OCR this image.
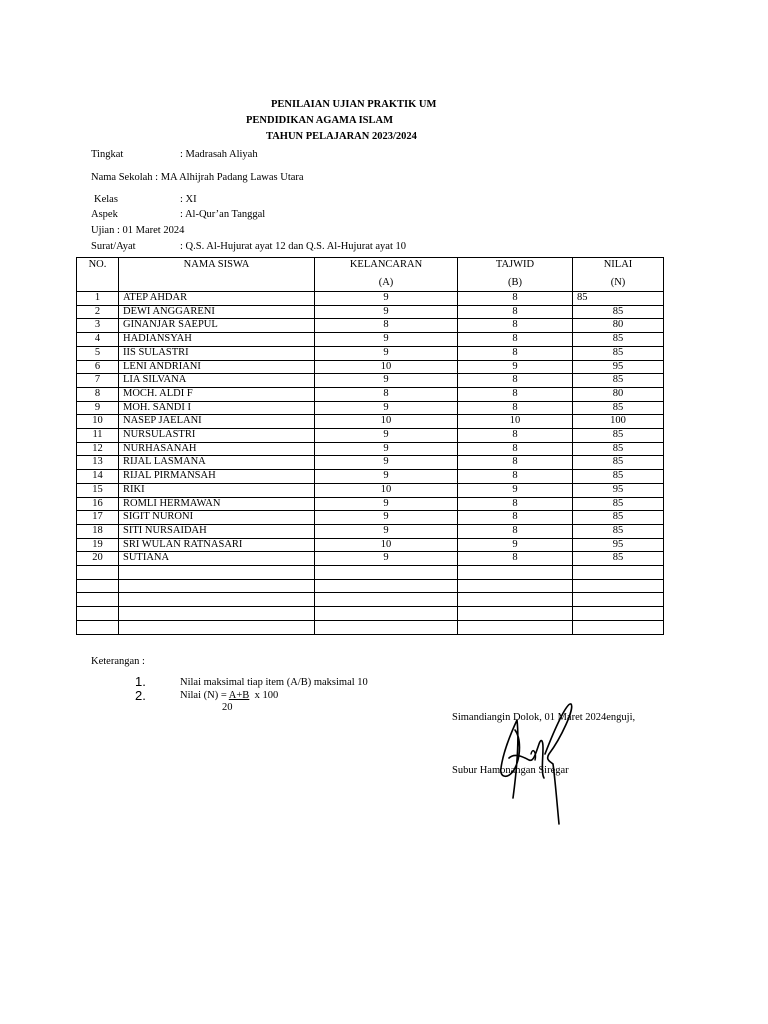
PENILAIAN UJIAN PRAKTIK UM
PENDIDIKAN AGAMA ISLAM
TAHUN PELAJARAN 2023/2024
Tingkat	: Madrasah Aliyah
Nama Sekolah : MA Alhijrah Padang Lawas Utara
Kelas	: XI
Aspek	: Al-Qur’an Tanggal
Ujian : 01 Maret 2024
Surat/Ayat	: Q.S. Al-Hujurat ayat 12 dan Q.S. Al-Hujurat ayat 10
NO.	NAMA SISWA	KELANCARAN	TAJWID	NILAI
		(A)	(B)	(N)
1	ATEP AHDAR	9	8	85
2	DEWI ANGGARENI	9	8	85
3	GINANJAR SAEPUL	8	8	80
4	HADIANSYAH	9	8	85
5	IIS SULASTRI	9	8	85
6	LENI ANDRIANI	10	9	95
7	LIA SILVANA	9	8	85
8	MOCH. ALDI F	8	8	80
9	MOH. SANDI I	9	8	85
10	NASEP JAELANI	10	10	100
11	NURSULASTRI	9	8	85
12	NURHASANAH	9	8	85
13	RIJAL LASMANA	9	8	85
14	RIJAL PIRMANSAH	9	8	85
15	RIKI	10	9	95
16	ROMLI HERMAWAN	9	8	85
17	SIGIT NURONI	9	8	85
18	SITI NURSAIDAH	9	8	85
19	SRI WULAN RATNASARI	10	9	95
20	SUTIANA	9	8	85

Keterangan :
1.	Nilai maksimal tiap item (A/B) maksimal 10
2.	Nilai (N) = A+B  x 100
20
Simandiangin Dolok, 01 Maret 2024enguji,
Subur Hamonangan Siregar
